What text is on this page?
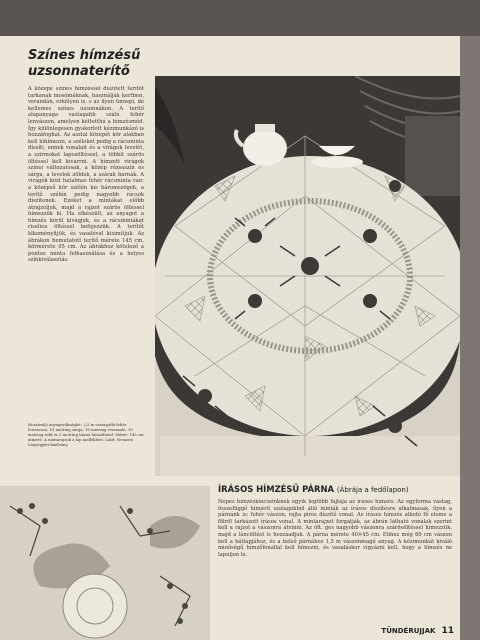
Színes hímzésű uzsonnaterítő
A közepe színes hímzéssel díszített terítőt tarkanak mosómáknak, használják kertben, verandán, erkélyen is, s az ilyen ünnepi, de kellemes színes uzsonnákon. A terítő alapanyaga vastagabb szálú fehér lenvászon, amelyen kéttetthú a hímzésmód. Így különlegesen gyakorlott kézimunkázó is hozzáfoghat. Az asztal közepét kör alakban kell kihímezni, a széleket pedig a rácsminta díszíti, ennek vonalait és a virágok levelét, a szirmokat laposöltéssel, a többit szárös öltéssel kell kivarrni. A hímzett virágok színei változatosak, a közép rózsaszín és sárga, a levelek zöldek, a szárak barnák. A virágok közt hatalmas fehér rácsminta van: a középső kör szélén kis háromszögek, a terítő szélén pedig nagyobb rácsok díszítenek. Ezeket a mintákat előbb átrajzoljuk, majd a rajzot szárös öltéssel hímezzük ki. Ha elkészült, az anyagot a hímzés körül kivágjuk, és a rácsmintákat riselieu öltéssel befejezzük. A terítőt kikeményítjük, és vasalóval kisimítjuk. Az ábrákon bemutatott terítő mérete 145 cm, körmérete 95 cm. Az ábrákhoz kötelező a pontos minta felhasználása és a helyes színkiválasztás.
Hozzávaló anyagszükséglet: 2,5 m vastagabb fehér lenvászon, 10 motring sárga, 10 motring rózsaszín, 10 motring zöld és 5 motring barna hímzőfonal. Méret: 145 cm átmérő. A mintarajzok a lap melléklete. Lásd: Nemzeti Lányegylet kiadvány.
ÍRÁSOS HÍMZÉSŰ PÁRNA (Ábrája a fedőlapon)
Népes hímzéskincseinknek egyik legtöbb fajtája az írásos hímzés. Az egyforma vastag, összefüggő hímzett szalagokból álló minták az írásos díszítésre alkalmasak, ilyen a párnánk is: fehér vászon, rajta piros díszítő vonal. Az írásos hímzés alkotó fő eleme a fölröl tarkázott írásos vonal. A mintarajzot forgatják, az ábrán látható vonalak szerint kell a rajzot a vászonra átvinni. Az ölt. ges nagyobb vászonra szárösöltéssel hímezzük, majd a láncöltést is hozzáadjuk. A párna mérete 40×45 cm. Ehhez még 60 cm vászon kell a hátlapjához, és a belső párnához 1,5 m vászonmagú anyag. A kézimunkát kiváló minőségű hímzőfonallal kell hímezni, és vasaláskor vigyázni kell, hogy a hímzés ne lapuljon le.
TÜNDÉRUJJAK 11
